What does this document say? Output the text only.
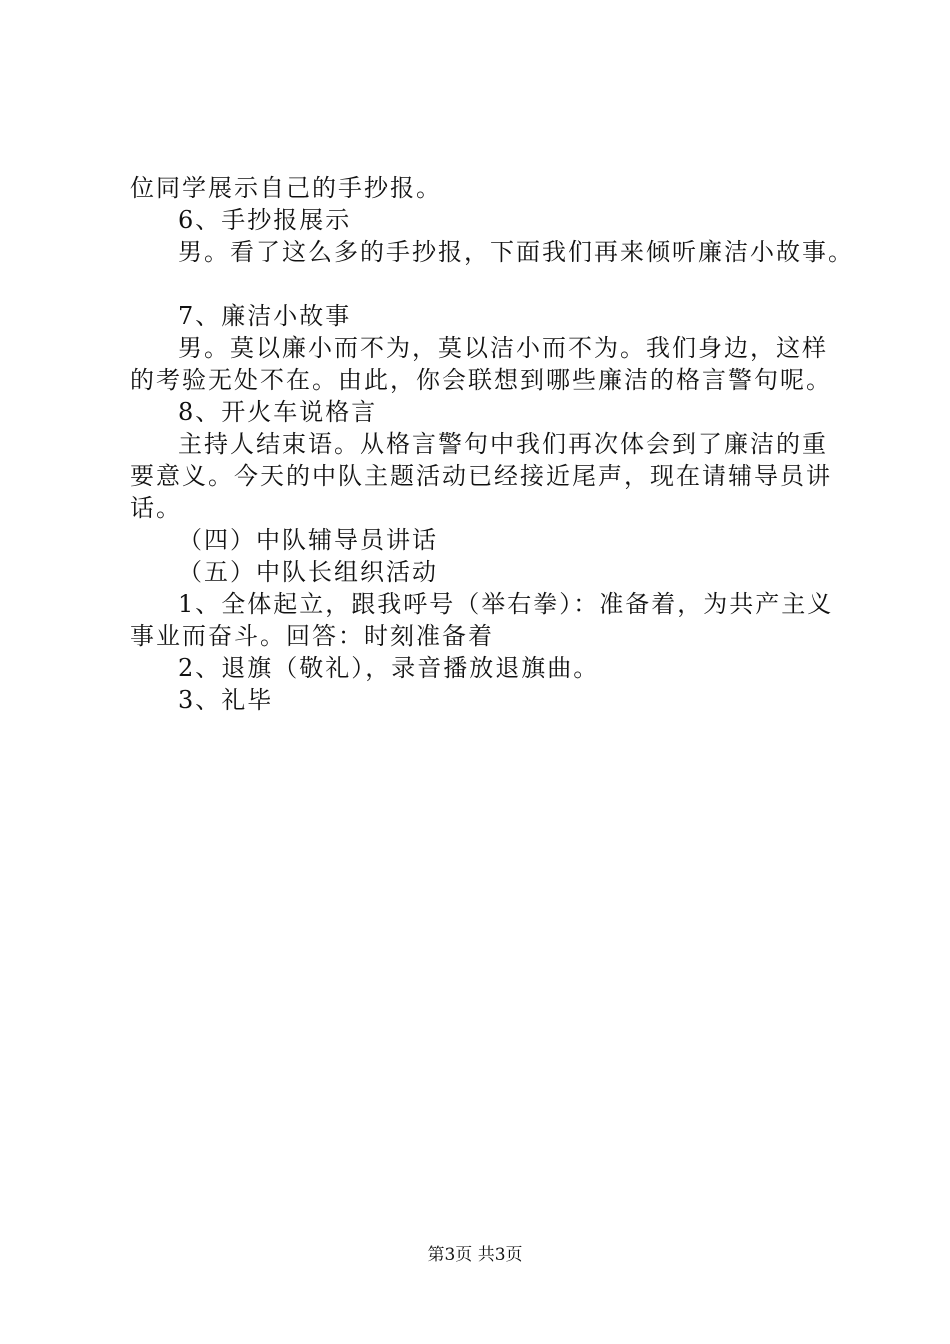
位同学展示自己的手抄报。
6、手抄报展示
男。看了这么多的手抄报，下面我们再来倾听廉洁小故事。
7、廉洁小故事
男。莫以廉小而不为，莫以洁小而不为。我们身边，这样
的考验无处不在。由此，你会联想到哪些廉洁的格言警句呢。
8、开火车说格言
主持人结束语。从格言警句中我们再次体会到了廉洁的重
要意义。今天的中队主题活动已经接近尾声，现在请辅导员讲
话。
（四）中队辅导员讲话
（五）中队长组织活动
1、全体起立，跟我呼号（举右拳）：准备着，为共产主义
事业而奋斗。回答：时刻准备着
2、退旗（敬礼），录音播放退旗曲。
3、礼毕
第3页 共3页
